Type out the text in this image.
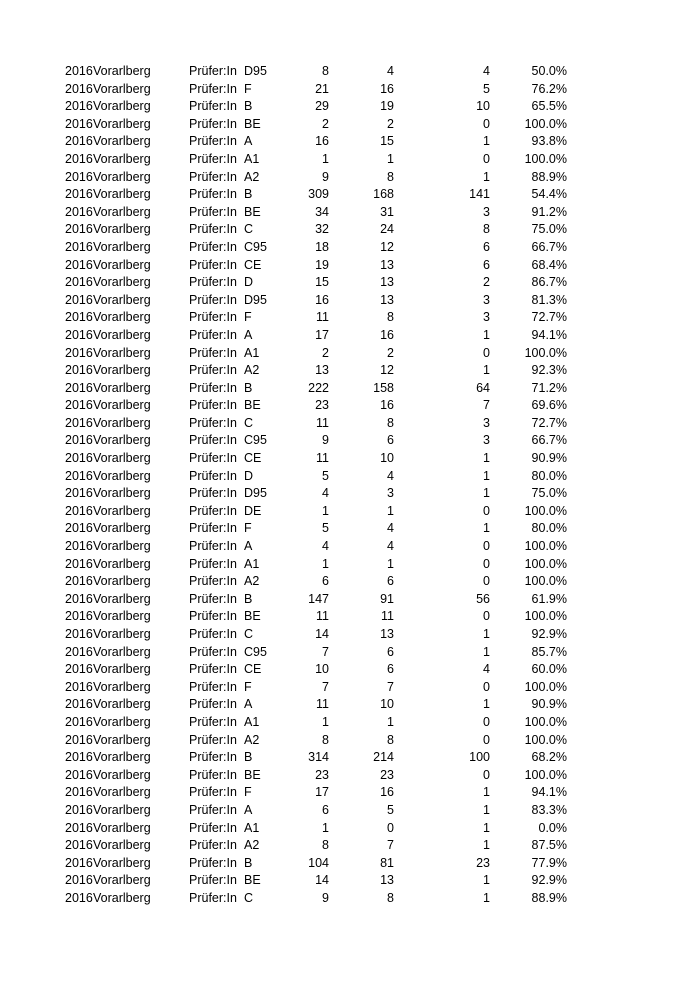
2016 Vorarlberg	Prüfer:In D95	8	4	4	50.0%
2016 Vorarlberg	Prüfer:In F	21	16	5	76.2%
2016 Vorarlberg	Prüfer:In B	29	19	10	65.5%
2016 Vorarlberg	Prüfer:In BE	2	2	0	100.0%
2016 Vorarlberg	Prüfer:In A	16	15	1	93.8%
2016 Vorarlberg	Prüfer:In A1	1	1	0	100.0%
2016 Vorarlberg	Prüfer:In A2	9	8	1	88.9%
2016 Vorarlberg	Prüfer:In B	309	168	141	54.4%
2016 Vorarlberg	Prüfer:In BE	34	31	3	91.2%
2016 Vorarlberg	Prüfer:In C	32	24	8	75.0%
2016 Vorarlberg	Prüfer:In C95	18	12	6	66.7%
2016 Vorarlberg	Prüfer:In CE	19	13	6	68.4%
2016 Vorarlberg	Prüfer:In D	15	13	2	86.7%
2016 Vorarlberg	Prüfer:In D95	16	13	3	81.3%
2016 Vorarlberg	Prüfer:In F	11	8	3	72.7%
2016 Vorarlberg	Prüfer:In A	17	16	1	94.1%
2016 Vorarlberg	Prüfer:In A1	2	2	0	100.0%
2016 Vorarlberg	Prüfer:In A2	13	12	1	92.3%
2016 Vorarlberg	Prüfer:In B	222	158	64	71.2%
2016 Vorarlberg	Prüfer:In BE	23	16	7	69.6%
2016 Vorarlberg	Prüfer:In C	11	8	3	72.7%
2016 Vorarlberg	Prüfer:In C95	9	6	3	66.7%
2016 Vorarlberg	Prüfer:In CE	11	10	1	90.9%
2016 Vorarlberg	Prüfer:In D	5	4	1	80.0%
2016 Vorarlberg	Prüfer:In D95	4	3	1	75.0%
2016 Vorarlberg	Prüfer:In DE	1	1	0	100.0%
2016 Vorarlberg	Prüfer:In F	5	4	1	80.0%
2016 Vorarlberg	Prüfer:In A	4	4	0	100.0%
2016 Vorarlberg	Prüfer:In A1	1	1	0	100.0%
2016 Vorarlberg	Prüfer:In A2	6	6	0	100.0%
2016 Vorarlberg	Prüfer:In B	147	91	56	61.9%
2016 Vorarlberg	Prüfer:In BE	11	11	0	100.0%
2016 Vorarlberg	Prüfer:In C	14	13	1	92.9%
2016 Vorarlberg	Prüfer:In C95	7	6	1	85.7%
2016 Vorarlberg	Prüfer:In CE	10	6	4	60.0%
2016 Vorarlberg	Prüfer:In F	7	7	0	100.0%
2016 Vorarlberg	Prüfer:In A	11	10	1	90.9%
2016 Vorarlberg	Prüfer:In A1	1	1	0	100.0%
2016 Vorarlberg	Prüfer:In A2	8	8	0	100.0%
2016 Vorarlberg	Prüfer:In B	314	214	100	68.2%
2016 Vorarlberg	Prüfer:In BE	23	23	0	100.0%
2016 Vorarlberg	Prüfer:In F	17	16	1	94.1%
2016 Vorarlberg	Prüfer:In A	6	5	1	83.3%
2016 Vorarlberg	Prüfer:In A1	1	0	1	0.0%
2016 Vorarlberg	Prüfer:In A2	8	7	1	87.5%
2016 Vorarlberg	Prüfer:In B	104	81	23	77.9%
2016 Vorarlberg	Prüfer:In BE	14	13	1	92.9%
2016 Vorarlberg	Prüfer:In C	9	8	1	88.9%
